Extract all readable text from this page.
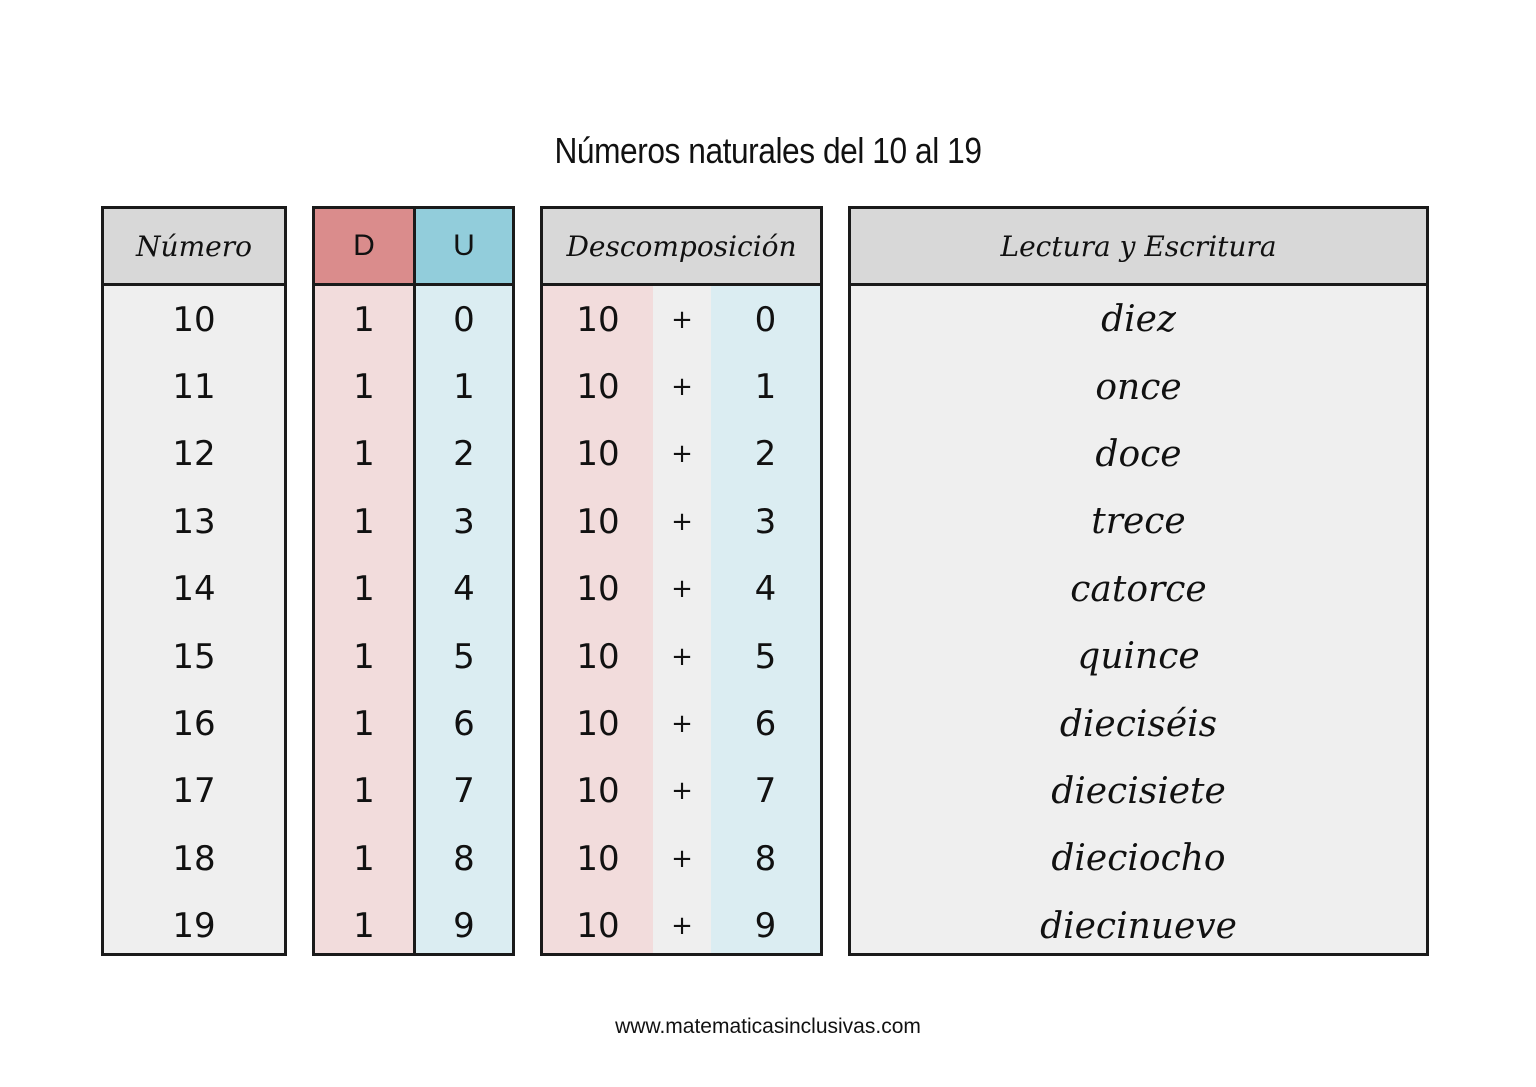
Números naturales del 10 al 19
Número
10
11
12
13
14
15
16
17
18
19
D
1
1
1
1
1
1
1
1
1
1
U
0
1
2
3
4
5
6
7
8
9
10
10
10
10
10
10
10
10
10
10
+
+
+
+
+
+
+
+
+
+
0
1
2
3
4
5
6
7
8
9
Descomposición	Lectura y Escritura
diez
once
doce
trece
catorce
quince
dieciséis
diecisiete
dieciocho
diecinueve
www.matematicasinclusivas.com
